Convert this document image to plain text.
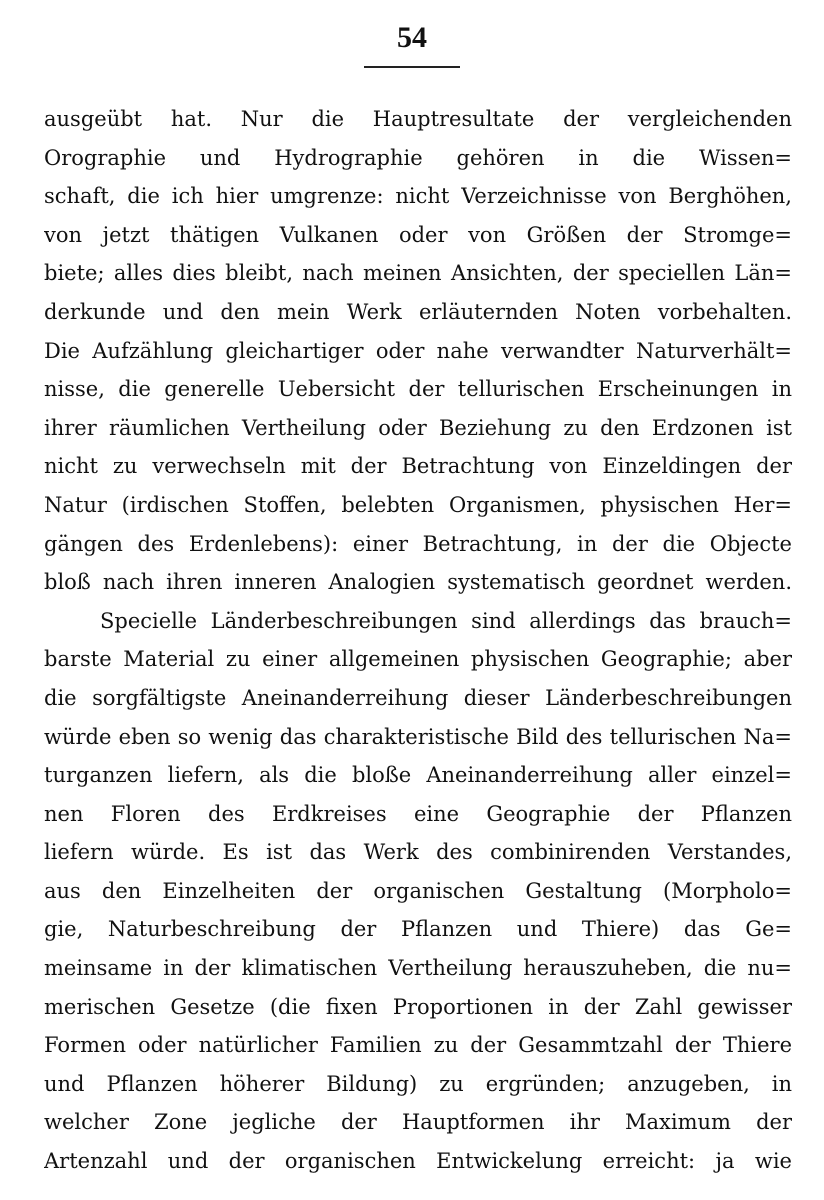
54
ausgeübt hat. Nur die Hauptresultate der vergleichenden
Orographie und Hydrographie gehören in die Wissen=
schaft, die ich hier umgrenze: nicht Verzeichnisse von Berghöhen,
von jetzt thätigen Vulkanen oder von Größen der Stromge=
biete; alles dies bleibt, nach meinen Ansichten, der speciellen Län=
derkunde und den mein Werk erläuternden Noten vorbehalten.
Die Aufzählung gleichartiger oder nahe verwandter Naturverhält=
nisse, die generelle Uebersicht der tellurischen Erscheinungen in
ihrer räumlichen Vertheilung oder Beziehung zu den Erdzonen ist
nicht zu verwechseln mit der Betrachtung von Einzeldingen der
Natur (irdischen Stoffen, belebten Organismen, physischen Her=
gängen des Erdenlebens): einer Betrachtung, in der die Objecte
bloß nach ihren inneren Analogien systematisch geordnet werden.
Specielle Länderbeschreibungen sind allerdings das brauch=
barste Material zu einer allgemeinen physischen Geographie; aber
die sorgfältigste Aneinanderreihung dieser Länderbeschreibungen
würde eben so wenig das charakteristische Bild des tellurischen Na=
turganzen liefern, als die bloße Aneinanderreihung aller einzel=
nen Floren des Erdkreises eine Geographie der Pflanzen
liefern würde. Es ist das Werk des combinirenden Verstandes,
aus den Einzelheiten der organischen Gestaltung (Morpholo=
gie, Naturbeschreibung der Pflanzen und Thiere) das Ge=
meinsame in der klimatischen Vertheilung herauszuheben, die nu=
merischen Gesetze (die fixen Proportionen in der Zahl gewisser
Formen oder natürlicher Familien zu der Gesammtzahl der Thiere
und Pflanzen höherer Bildung) zu ergründen; anzugeben, in
welcher Zone jegliche der Hauptformen ihr Maximum der
Artenzahl und der organischen Entwickelung erreicht: ja wie
